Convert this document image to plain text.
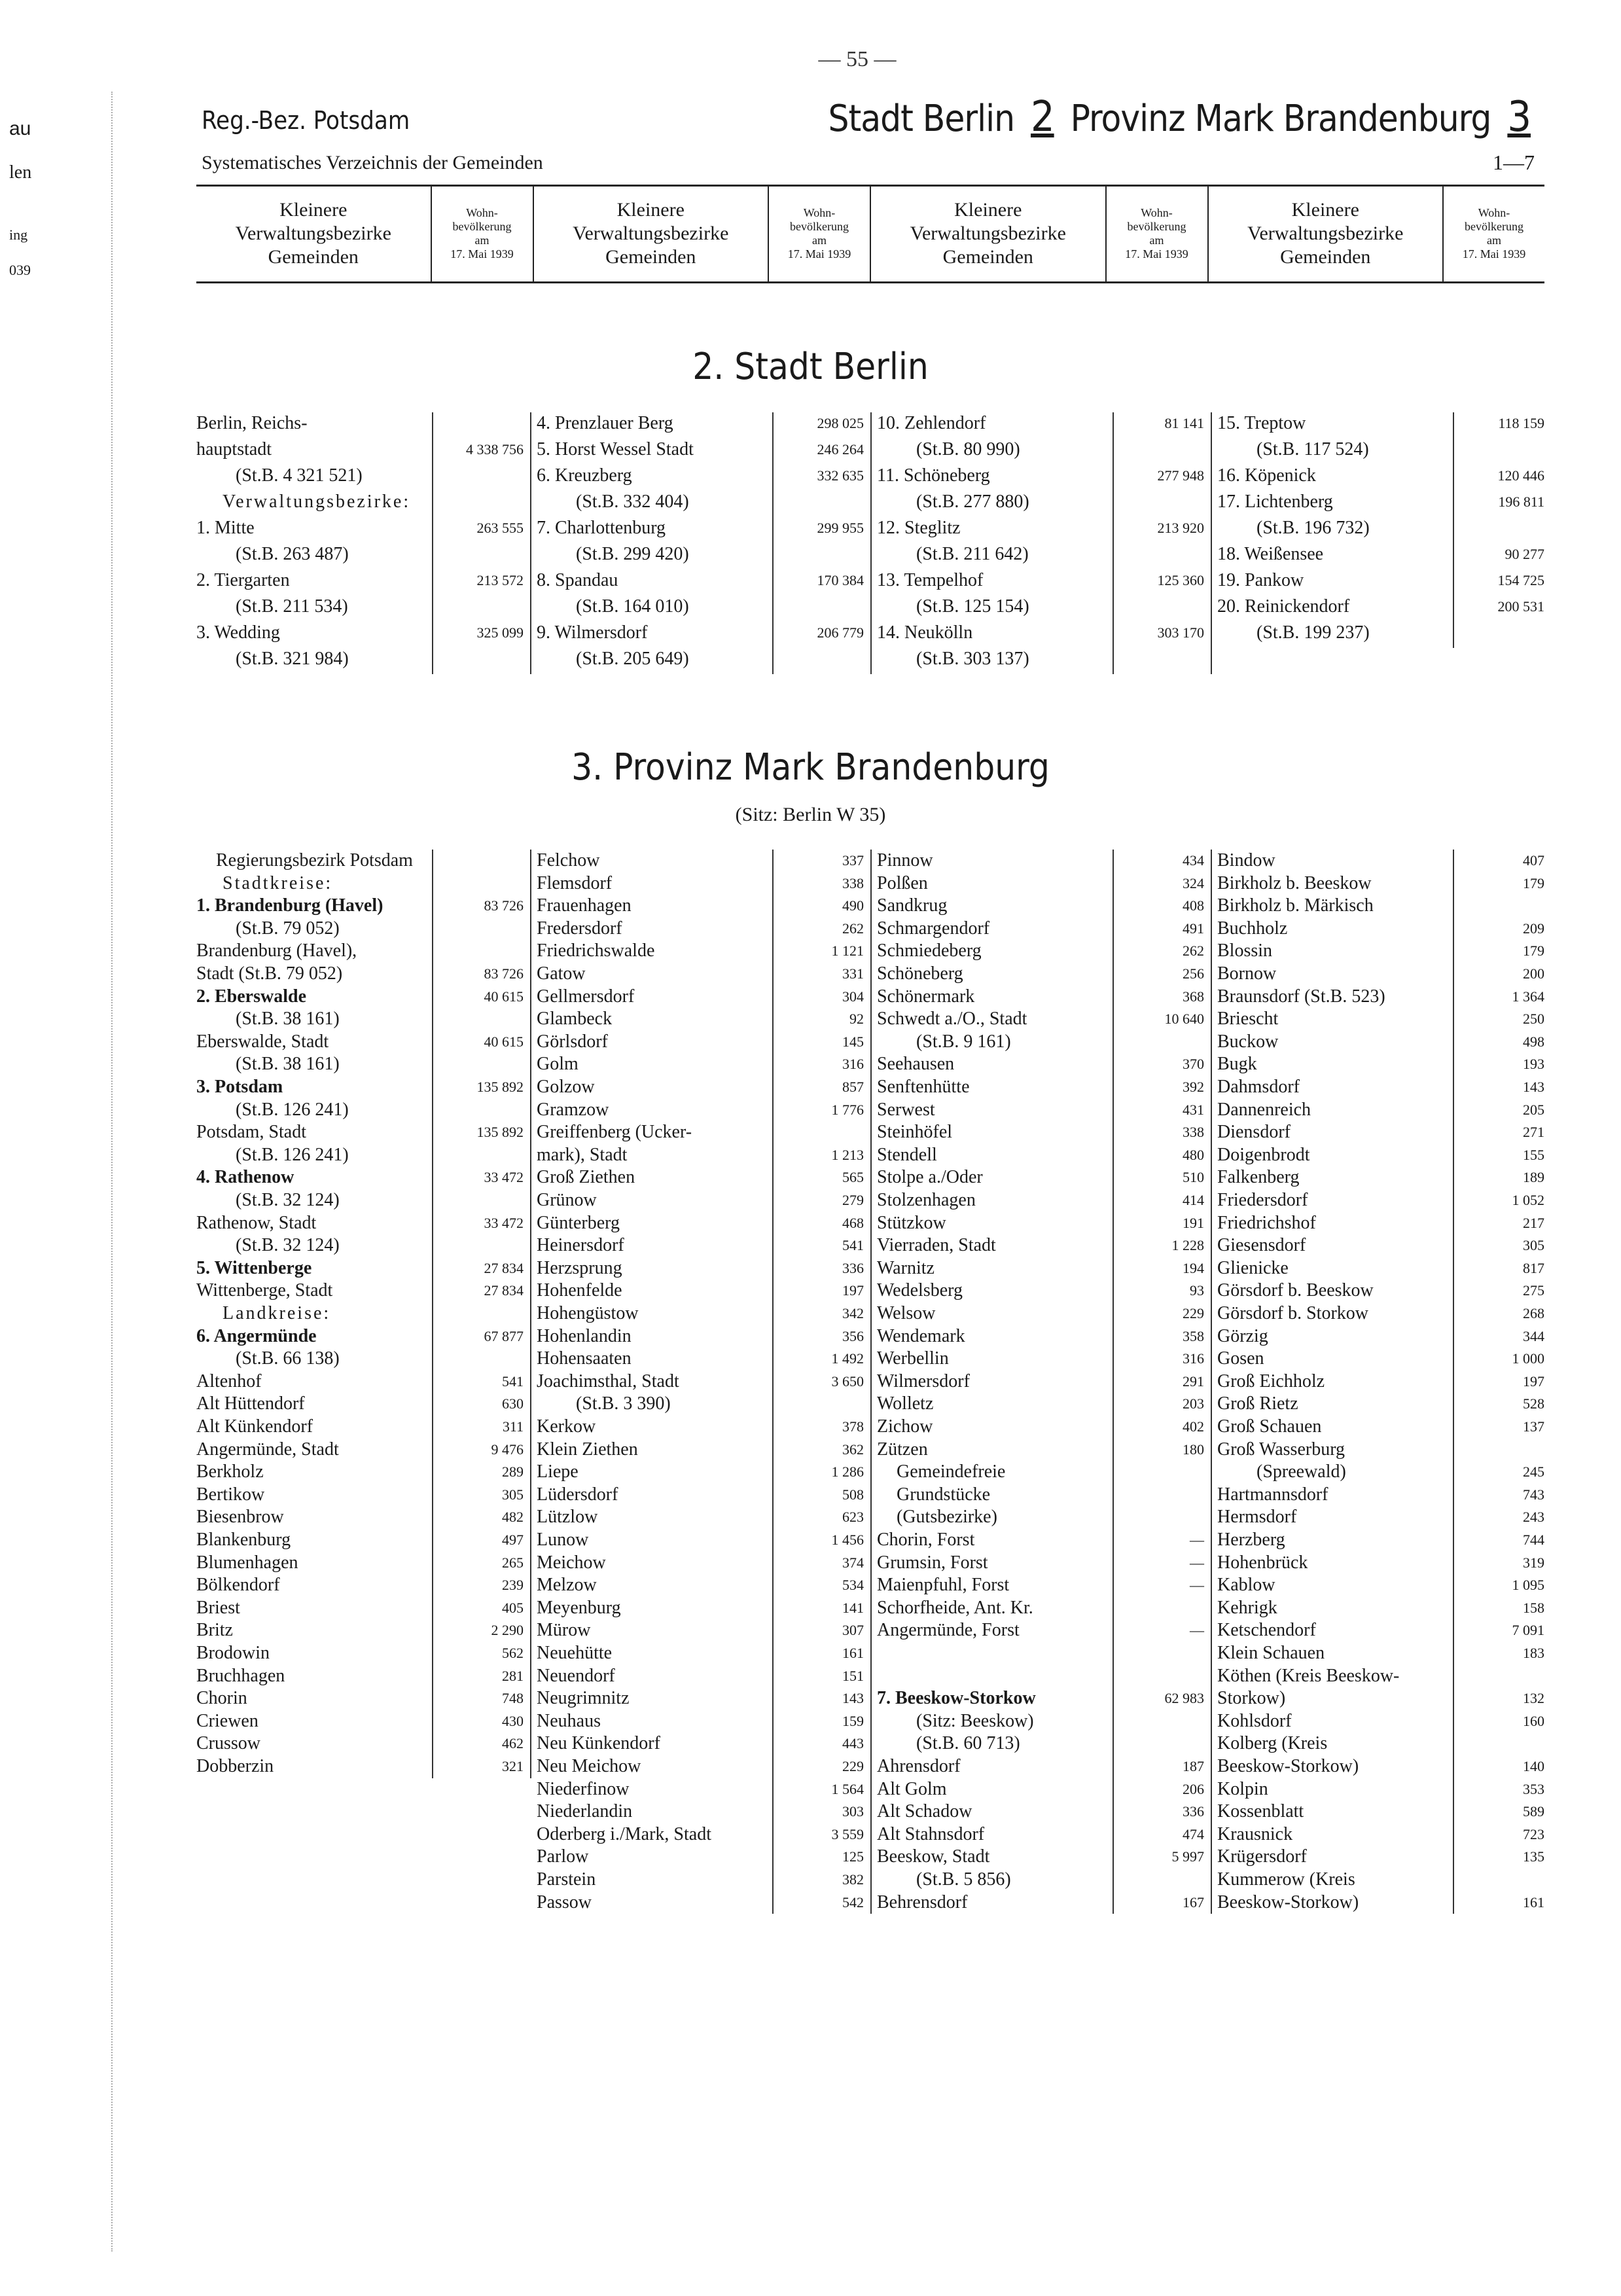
au
len
ing
039
— 55 —
Reg.-Bez. Potsdam
Systematisches Verzeichnis der Gemeinden
Stadt Berlin 2 Provinz Mark Brandenburg 3
1—7
Kleinere
Verwaltungsbezirke
Gemeinden
Wohn-
bevölkerung
am
17. Mai 1939
Kleinere
Verwaltungsbezirke
Gemeinden
Wohn-
bevölkerung
am
17. Mai 1939
Kleinere
Verwaltungsbezirke
Gemeinden
Wohn-
bevölkerung
am
17. Mai 1939
Kleinere
Verwaltungsbezirke
Gemeinden
Wohn-
bevölkerung
am
17. Mai 1939
2. Stadt Berlin
Berlin, Reichs-
hauptstadt	4 338 756
(St.B. 4 321 521)
Verwaltungsbezirke:
1. Mitte	263 555
(St.B. 263 487)
2. Tiergarten	213 572
(St.B. 211 534)
3. Wedding	325 099
(St.B. 321 984)
4. Prenzlauer Berg	298 025
5. Horst Wessel Stadt	246 264
6. Kreuzberg	332 635
(St.B. 332 404)
7. Charlottenburg	299 955
(St.B. 299 420)
8. Spandau	170 384
(St.B. 164 010)
9. Wilmersdorf	206 779
(St.B. 205 649)
10. Zehlendorf	81 141
(St.B. 80 990)
11. Schöneberg	277 948
(St.B. 277 880)
12. Steglitz	213 920
(St.B. 211 642)
13. Tempelhof	125 360
(St.B. 125 154)
14. Neukölln	303 170
(St.B. 303 137)
15. Treptow	118 159
(St.B. 117 524)
16. Köpenick	120 446
17. Lichtenberg	196 811
(St.B. 196 732)
18. Weißensee	90 277
19. Pankow	154 725
20. Reinickendorf	200 531
(St.B. 199 237)
3. Provinz Mark Brandenburg
(Sitz: Berlin W 35)
Regierungsbezirk Potsdam
Stadtkreise:
1. Brandenburg (Havel)	83 726
(St.B. 79 052)
Brandenburg (Havel),
Stadt (St.B. 79 052)	83 726
2. Eberswalde	40 615
(St.B. 38 161)
Eberswalde, Stadt	40 615
(St.B. 38 161)
3. Potsdam	135 892
(St.B. 126 241)
Potsdam, Stadt	135 892
(St.B. 126 241)
4. Rathenow	33 472
(St.B. 32 124)
Rathenow, Stadt	33 472
(St.B. 32 124)
5. Wittenberge	27 834
Wittenberge, Stadt	27 834
Landkreise:
6. Angermünde	67 877
(St.B. 66 138)
Altenhof	541
Alt Hüttendorf	630
Alt Künkendorf	311
Angermünde, Stadt	9 476
Berkholz	289
Bertikow	305
Biesenbrow	482
Blankenburg	497
Blumenhagen	265
Bölkendorf	239
Briest	405
Britz	2 290
Brodowin	562
Bruchhagen	281
Chorin	748
Criewen	430
Crussow	462
Dobberzin	321
Felchow	337
Flemsdorf	338
Frauenhagen	490
Fredersdorf	262
Friedrichswalde	1 121
Gatow	331
Gellmersdorf	304
Glambeck	92
Görlsdorf	145
Golm	316
Golzow	857
Gramzow	1 776
Greiffenberg (Ucker-
mark), Stadt	1 213
Groß Ziethen	565
Grünow	279
Günterberg	468
Heinersdorf	541
Herzsprung	336
Hohenfelde	197
Hohengüstow	342
Hohenlandin	356
Hohensaaten	1 492
Joachimsthal, Stadt	3 650
(St.B. 3 390)
Kerkow	378
Klein Ziethen	362
Liepe	1 286
Lüdersdorf	508
Lützlow	623
Lunow	1 456
Meichow	374
Melzow	534
Meyenburg	141
Mürow	307
Neuehütte	161
Neuendorf	151
Neugrimnitz	143
Neuhaus	159
Neu Künkendorf	443
Neu Meichow	229
Niederfinow	1 564
Niederlandin	303
Oderberg i./Mark, Stadt	3 559
Parlow	125
Parstein	382
Passow	542
Pinnow	434
Polßen	324
Sandkrug	408
Schmargendorf	491
Schmiedeberg	262
Schöneberg	256
Schönermark	368
Schwedt a./O., Stadt	10 640
(St.B. 9 161)
Seehausen	370
Senftenhütte	392
Serwest	431
Steinhöfel	338
Stendell	480
Stolpe a./Oder	510
Stolzenhagen	414
Stützkow	191
Vierraden, Stadt	1 228
Warnitz	194
Wedelsberg	93
Welsow	229
Wendemark	358
Werbellin	316
Wilmersdorf	291
Wolletz	203
Zichow	402
Zützen	180
Gemeindefreie
Grundstücke
(Gutsbezirke)
Chorin, Forst	—
Grumsin, Forst	—
Maienpfuhl, Forst	—
Schorfheide, Ant. Kr.
Angermünde, Forst	—
7. Beeskow-Storkow	62 983
(Sitz: Beeskow)
(St.B. 60 713)
Ahrensdorf	187
Alt Golm	206
Alt Schadow	336
Alt Stahnsdorf	474
Beeskow, Stadt	5 997
(St.B. 5 856)
Behrensdorf	167
Bindow	407
Birkholz b. Beeskow	179
Birkholz b. Märkisch
Buchholz	209
Blossin	179
Bornow	200
Braunsdorf (St.B. 523)	1 364
Briescht	250
Buckow	498
Bugk	193
Dahmsdorf	143
Dannenreich	205
Diensdorf	271
Doigenbrodt	155
Falkenberg	189
Friedersdorf	1 052
Friedrichshof	217
Giesensdorf	305
Glienicke	817
Görsdorf b. Beeskow	275
Görsdorf b. Storkow	268
Görzig	344
Gosen	1 000
Groß Eichholz	197
Groß Rietz	528
Groß Schauen	137
Groß Wasserburg
(Spreewald)	245
Hartmannsdorf	743
Hermsdorf	243
Herzberg	744
Hohenbrück	319
Kablow	1 095
Kehrigk	158
Ketschendorf	7 091
Klein Schauen	183
Köthen (Kreis Beeskow-
Storkow)	132
Kohlsdorf	160
Kolberg (Kreis
Beeskow-Storkow)	140
Kolpin	353
Kossenblatt	589
Krausnick	723
Krügersdorf	135
Kummerow (Kreis
Beeskow-Storkow)	161
